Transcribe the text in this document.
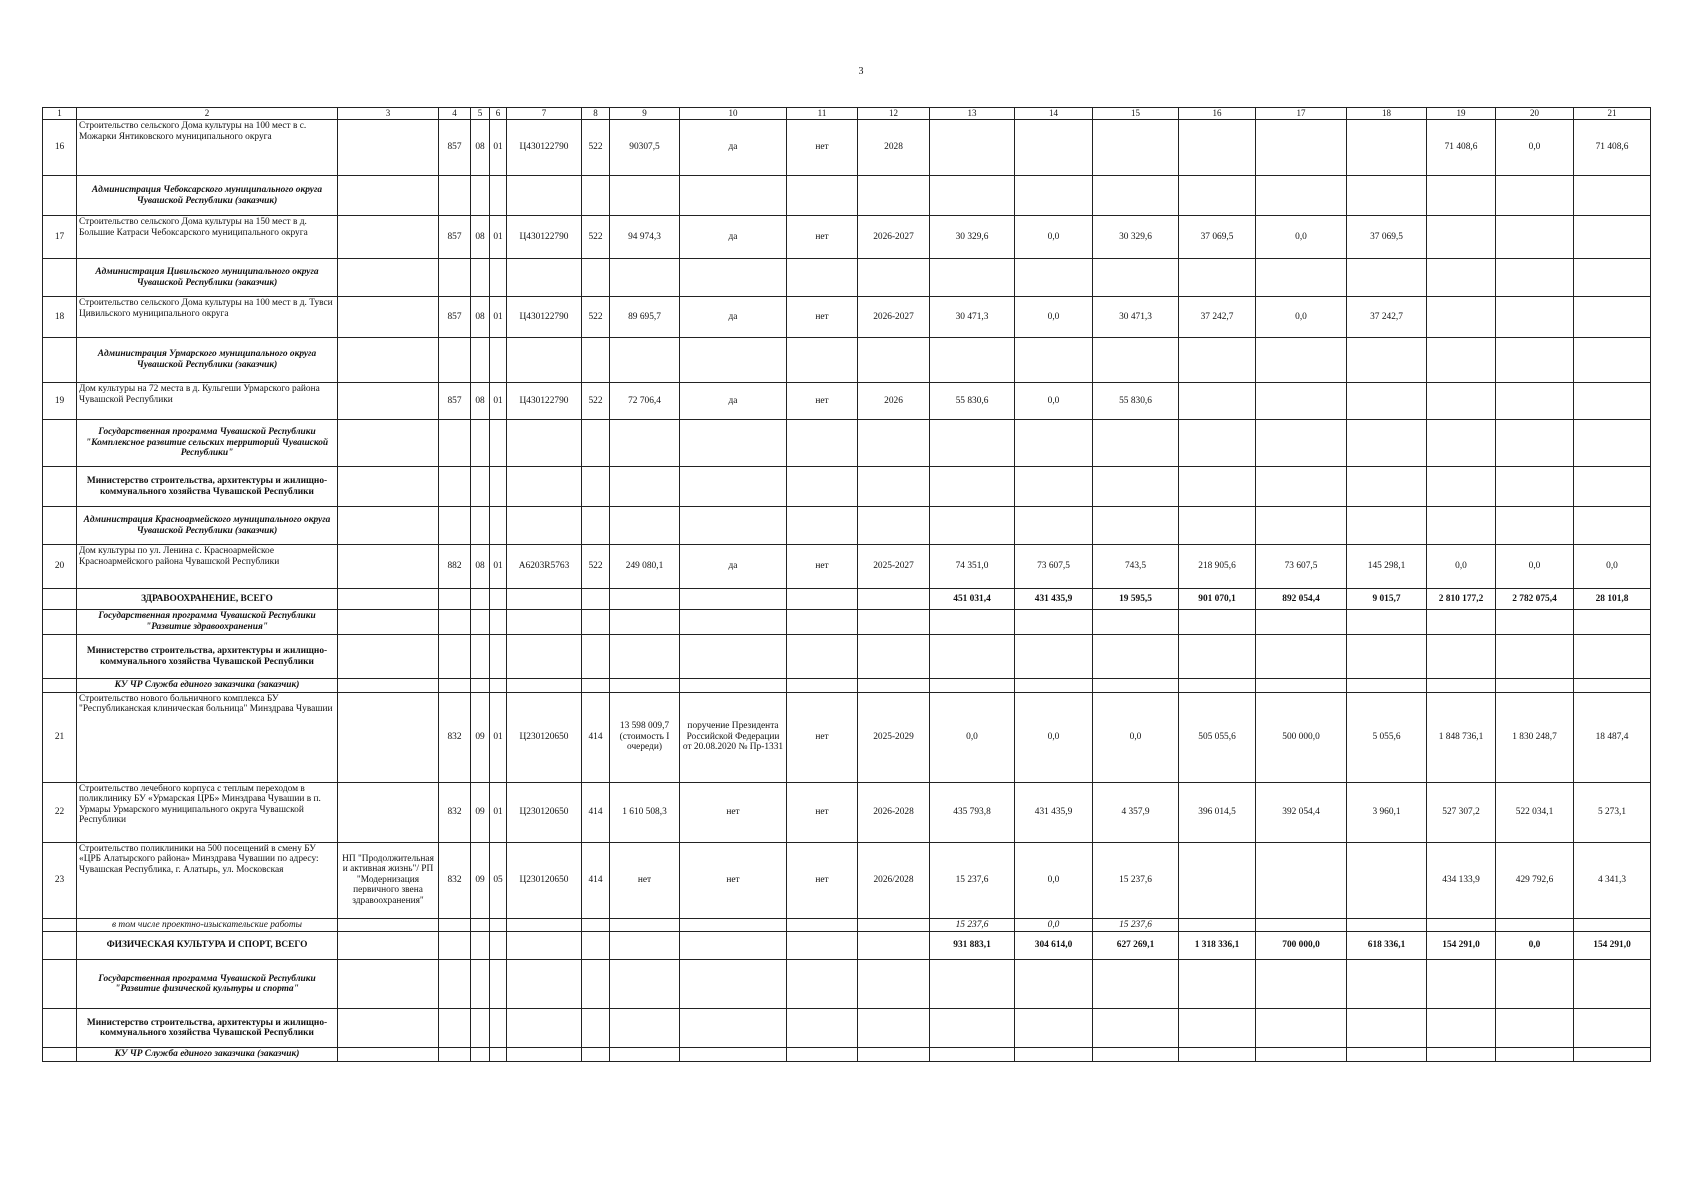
3
1	2	3	4	5	6	7	8	9	10	11	12	13	14	15	16	17	18	19	20	21
16	Строительство сельского Дома культуры на 100 мест в с. Можарки Янтиковского муниципального округа		857	08	01	Ц430122790	522	90307,5	да	нет	2028							71 408,6	0,0	71 408,6
	Администрация Чебоксарского муниципального округа Чувашской Республики (заказчик)																			
17	Строительство сельского Дома культуры на 150 мест в д. Большие Катраси Чебоксарского муниципального округа		857	08	01	Ц430122790	522	94 974,3	да	нет	2026-2027	30 329,6	0,0	30 329,6	37 069,5	0,0	37 069,5			
	Администрация Цивильского муниципального округа Чувашской Республики (заказчик)																			
18	Строительство сельского Дома культуры на 100 мест в д. Тувси Цивильского муниципального округа		857	08	01	Ц430122790	522	89 695,7	да	нет	2026-2027	30 471,3	0,0	30 471,3	37 242,7	0,0	37 242,7			
	Администрация Урмарского муниципального округа Чувашской Республики (заказчик)																			
19	Дом культуры на 72 места в д. Кульгеши Урмарского района Чувашской Республики		857	08	01	Ц430122790	522	72 706,4	да	нет	2026	55 830,6	0,0	55 830,6						
	Государственная программа Чувашской Республики "Комплексное развитие сельских территорий Чувашской Республики"																			
	Министерство строительства, архитектуры и жилищно-коммунального хозяйства Чувашской Республики																			
	Администрация Красноармейского муниципального округа Чувашской Республики (заказчик)																			
20	Дом культуры по ул. Ленина с. Красноармейское Красноармейского района Чувашской Республики		882	08	01	А6203R5763	522	249 080,1	да	нет	2025-2027	74 351,0	73 607,5	743,5	218 905,6	73 607,5	145 298,1	0,0	0,0	0,0
	ЗДРАВООХРАНЕНИЕ, ВСЕГО											451 031,4	431 435,9	19 595,5	901 070,1	892 054,4	9 015,7	2 810 177,2	2 782 075,4	28 101,8
	Государственная программа Чувашской Республики "Развитие здравоохранения"																			
	Министерство строительства, архитектуры и жилищно-коммунального хозяйства Чувашской Республики																			
	КУ ЧР Служба единого заказчика (заказчик)																			
21	Строительство нового больничного комплекса БУ "Республиканская клиническая больница" Минздрава Чувашии		832	09	01	Ц230120650	414	13 598 009,7 (стоимость I очереди)	поручение Президента Российской Федерации от 20.08.2020 № Пр-1331	нет	2025-2029	0,0	0,0	0,0	505 055,6	500 000,0	5 055,6	1 848 736,1	1 830 248,7	18 487,4
22	Строительство лечебного корпуса с теплым переходом в поликлинику БУ «Урмарская ЦРБ» Минздрава Чувашии в п. Урмары Урмарского муниципального округа Чувашской Республики		832	09	01	Ц230120650	414	1 610 508,3	нет	нет	2026-2028	435 793,8	431 435,9	4 357,9	396 014,5	392 054,4	3 960,1	527 307,2	522 034,1	5 273,1
23	Строительство поликлиники на 500 посещений в смену БУ «ЦРБ Алатырского района» Минздрава Чувашии по адресу: Чувашская Республика, г. Алатырь, ул. Московская	НП "Продолжительная и активная жизнь"/ РП "Модернизация первичного звена здравоохранения"	832	09	05	Ц230120650	414	нет	нет	нет	2026/2028	15 237,6	0,0	15 237,6				434 133,9	429 792,6	4 341,3
	в том числе проектно-изыскательские работы											15 237,6	0,0	15 237,6						
	ФИЗИЧЕСКАЯ КУЛЬТУРА И СПОРТ, ВСЕГО											931 883,1	304 614,0	627 269,1	1 318 336,1	700 000,0	618 336,1	154 291,0	0,0	154 291,0
	Государственная программа Чувашской Республики "Развитие физической культуры и спорта"																			
	Министерство строительства, архитектуры и жилищно-коммунального хозяйства Чувашской Республики																			
	КУ ЧР Служба единого заказчика (заказчик)																			
